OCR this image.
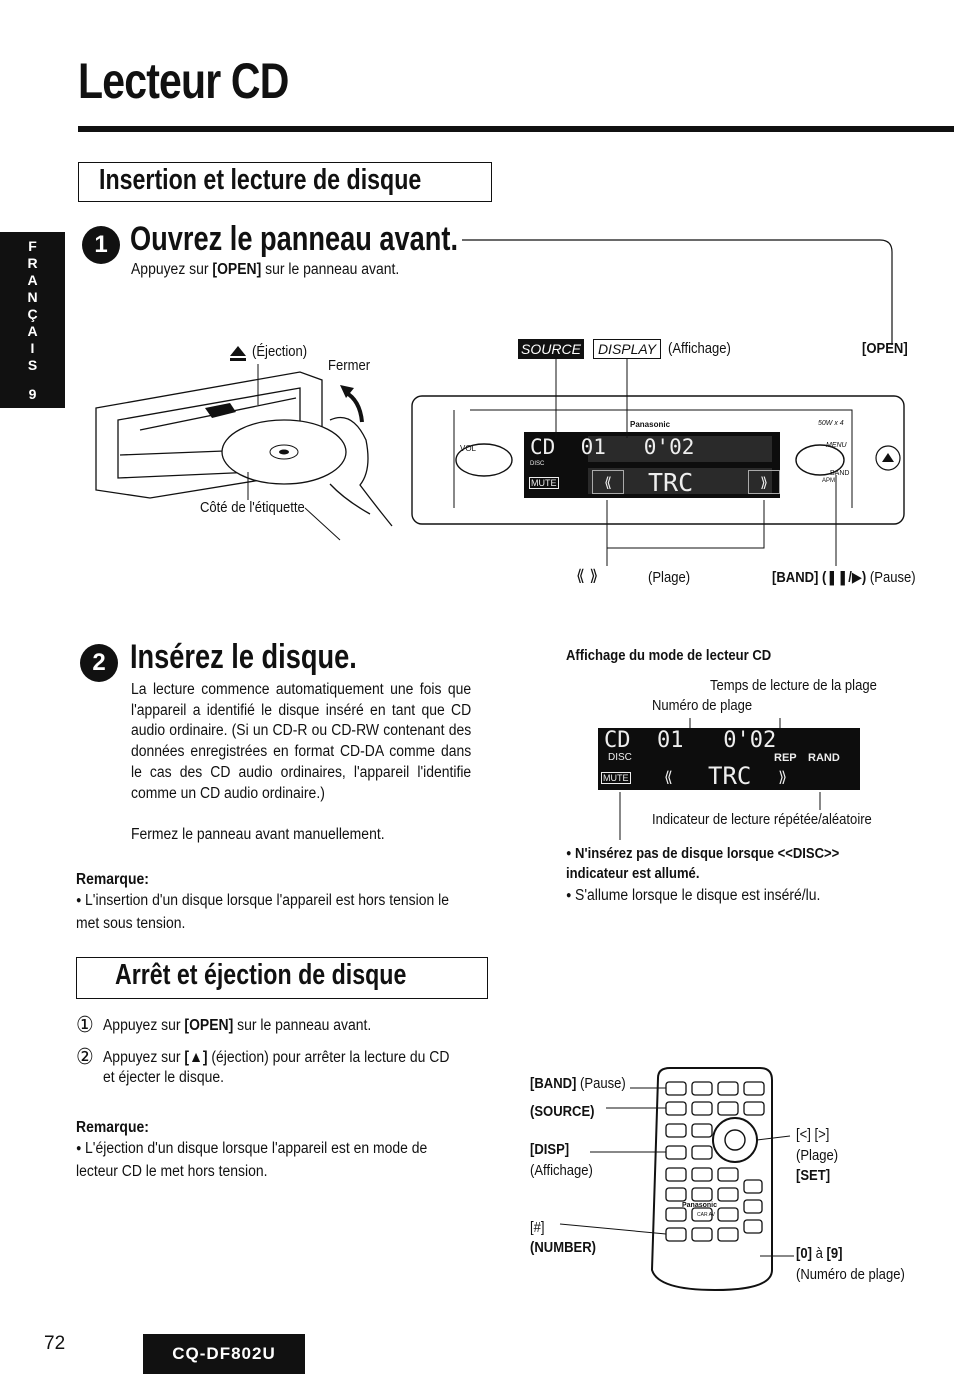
Lecteur CD
F
R
A
N
Ç
A
I
S
9
Insertion et lecture de disque
1 Ouvrez le panneau avant.
Appuyez sur [OPEN] sur le panneau avant.
(Éjection)
Fermer
Côté de l'étiquette
SOURCE	DISPLAY (Affichage)	[OPEN]
Panasonic	50W x 4
VOL	MENU
BAND
APM
CD  01   0'02
DISC
MUTE	⟪	TRC	⟫
⟪ ⟫	(Plage)	[BAND] (❚❚/▶) (Pause)
2 Insérez le disque.
La lecture commence automatiquement une fois que l'appareil a identifié le disque inséré en tant que CD audio ordinaire. (Si un CD-R ou CD-RW contenant des données enregistrées en format CD-DA comme dans le cas des CD audio ordinaires, l'appareil l'identifie comme un CD audio ordinaire.)
Fermez le panneau avant manuellement.
Remarque:
● L'insertion d'un disque lorsque l'appareil est hors tension le met sous tension.
Affichage du mode de lecteur CD
Temps de lecture de la plage
Numéro de plage
CD  01   0'02
DISC	REP RAND
MUTE ⟪ TRC ⟫
Indicateur de lecture répétée/aléatoire
● N'insérez pas de disque lorsque <<DISC>> indicateur est allumé.
● S'allume lorsque le disque est inséré/lu.
Arrêt et éjection de disque
① Appuyez sur [OPEN] sur le panneau avant.
② Appuyez sur [▲] (éjection) pour arrêter la lecture du CD et éjecter le disque.
Remarque:
● L'éjection d'un disque lorsque l'appareil est en mode de lecteur CD le met hors tension.
Panasonic
CAR AV
[BAND] (Pause)
(SOURCE)
[DISP]
(Affichage)
[#]
(NUMBER)
[<] [>]
(Plage)
[SET]
[0] à [9]
(Numéro de plage)
72	CQ-DF802U
